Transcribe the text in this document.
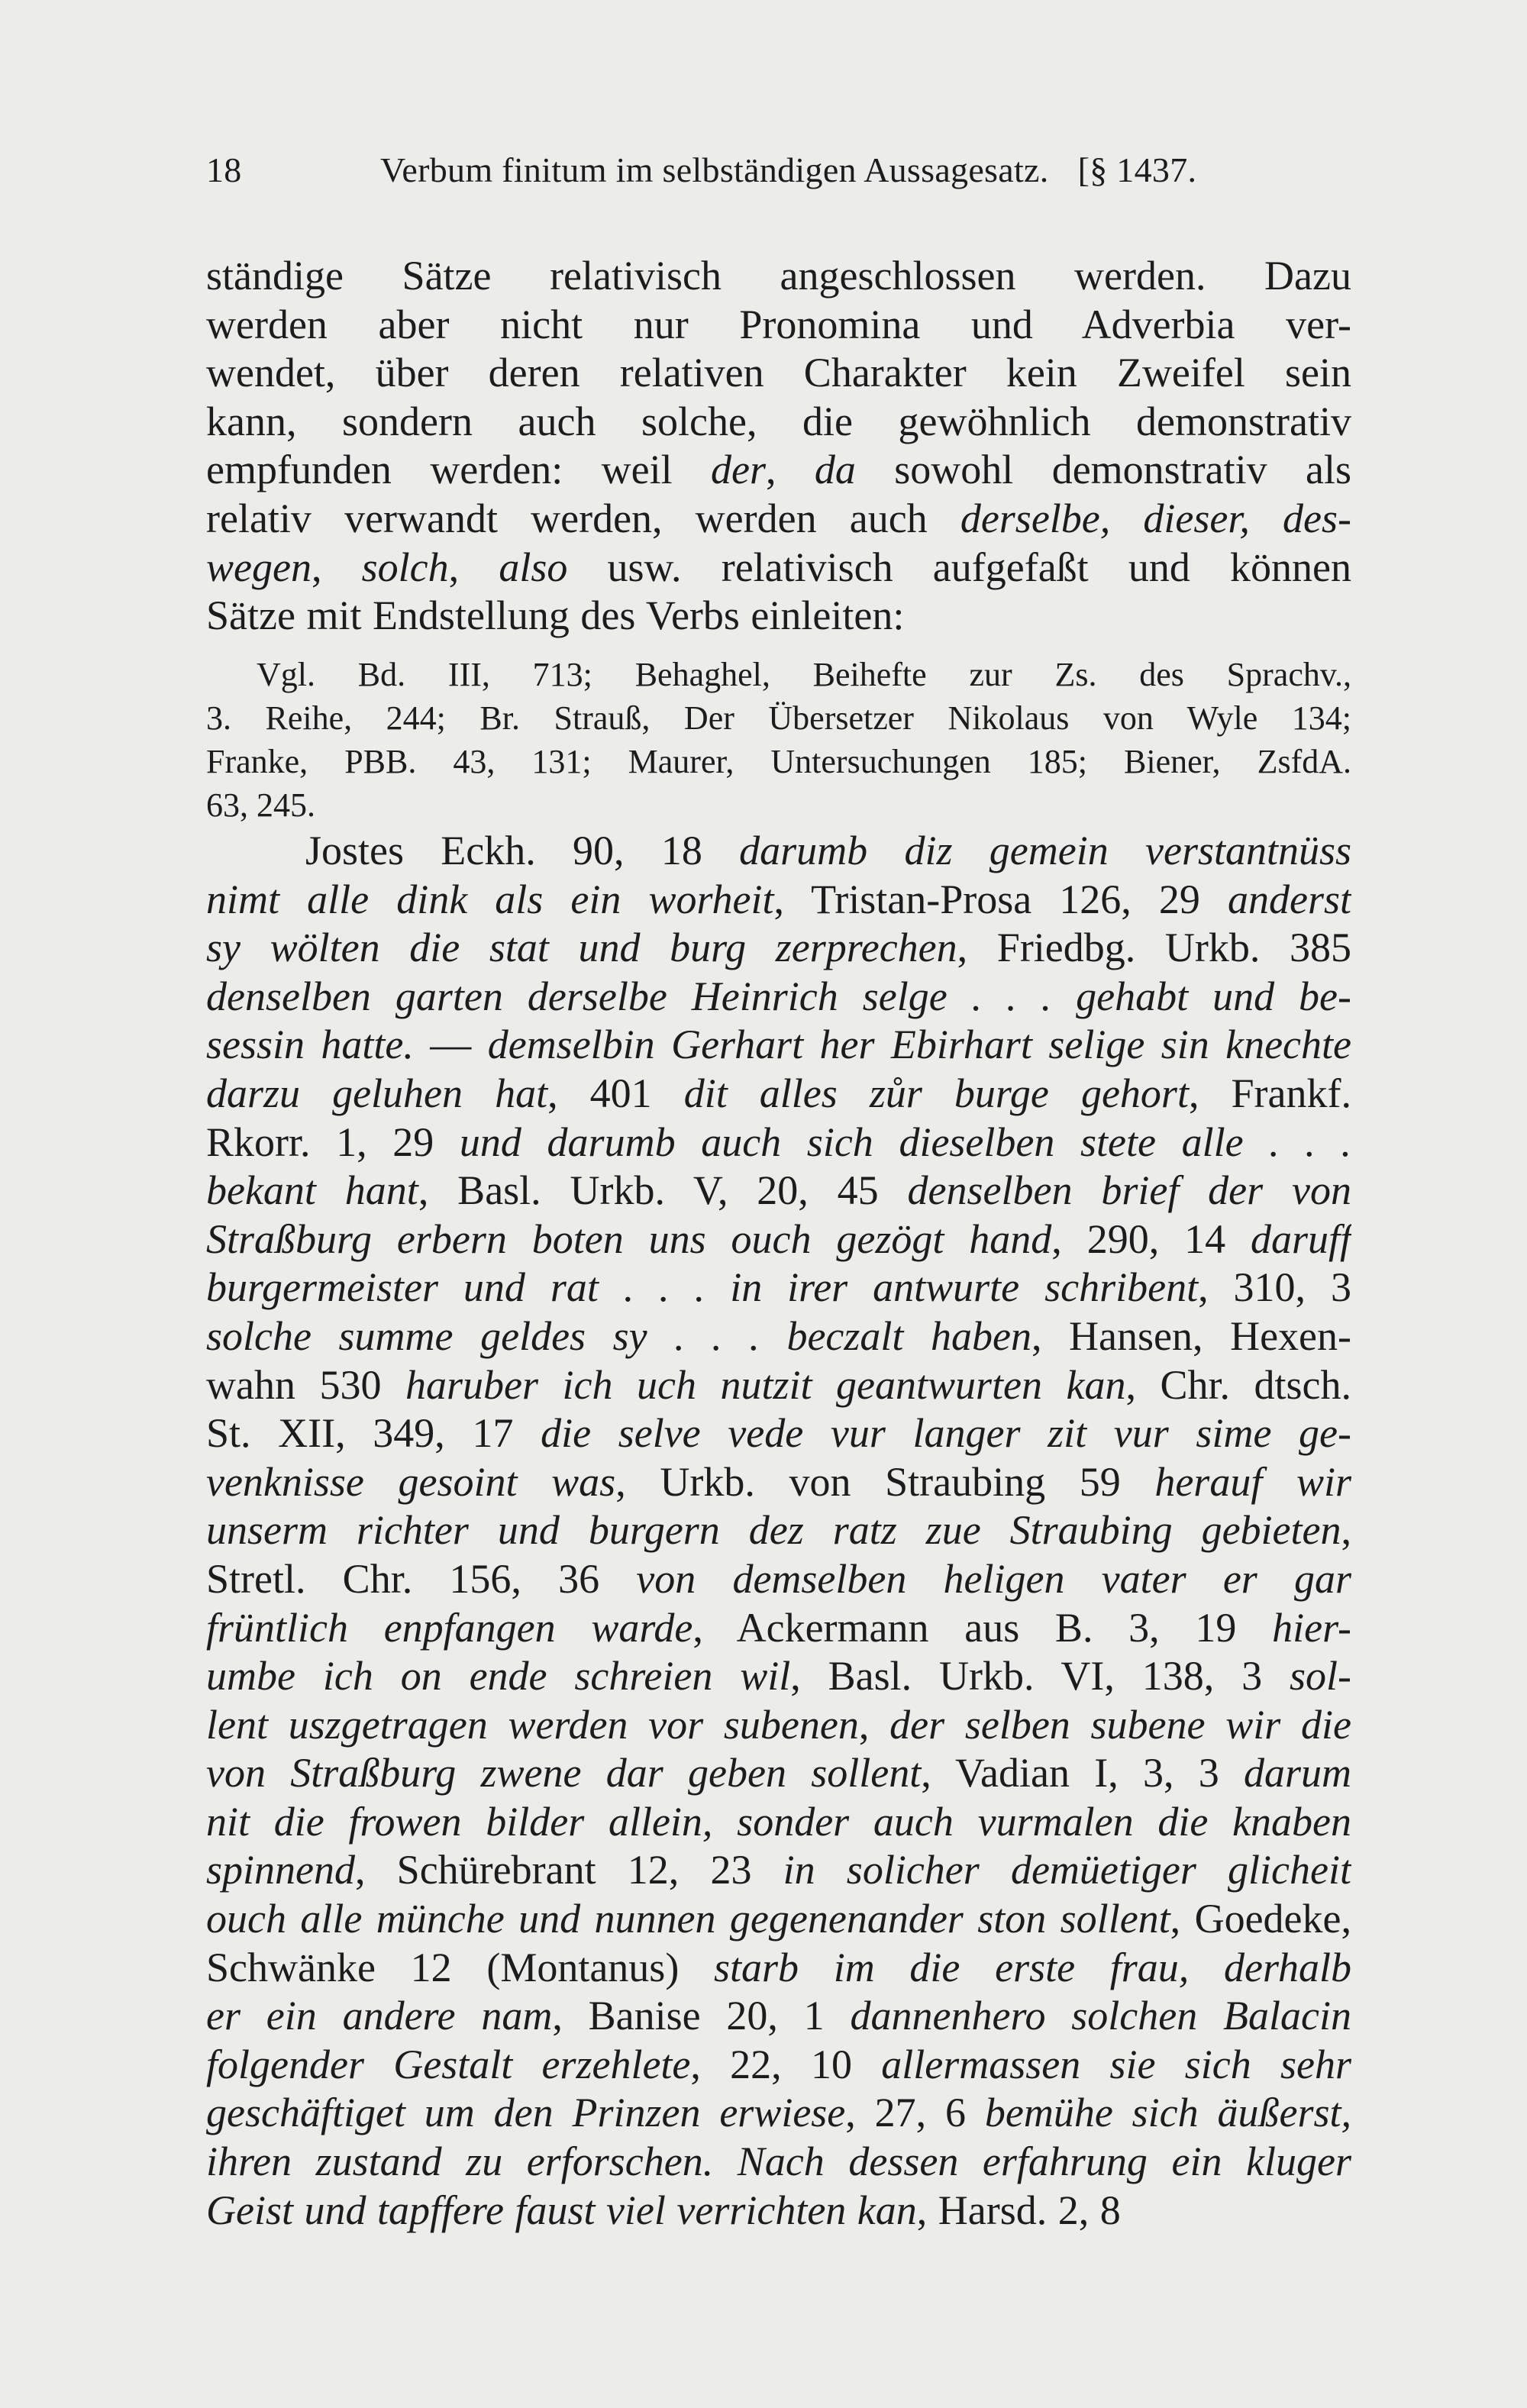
18	Verbum finitum im selbständigen Aussagesatz. [§ 1437.
ständige Sätze relativisch angeschlossen werden. Dazu
werden aber nicht nur Pronomina und Adverbia ver-
wendet, über deren relativen Charakter kein Zweifel sein
kann, sondern auch solche, die gewöhnlich demonstrativ
empfunden werden: weil der, da sowohl demonstrativ als
relativ verwandt werden, werden auch derselbe, dieser, des-
wegen, solch, also usw. relativisch aufgefaßt und können
Sätze mit Endstellung des Verbs einleiten:
Vgl. Bd. III, 713; Behaghel, Beihefte zur Zs. des Sprachv.,
3. Reihe, 244; Br. Strauß, Der Übersetzer Nikolaus von Wyle 134;
Franke, PBB. 43, 131; Maurer, Untersuchungen 185; Biener, ZsfdA.
63, 245.
Jostes Eckh. 90, 18 darumb diz gemein verstantnüss
nimt alle dink als ein worheit, Tristan-Prosa 126, 29 anderst
sy wölten die stat und burg zerprechen, Friedbg. Urkb. 385
denselben garten derselbe Heinrich selge . . . gehabt und be-
sessin hatte. — demselbin Gerhart her Ebirhart selige sin knechte
darzu geluhen hat, 401 dit alles zůr burge gehort, Frankf.
Rkorr. 1, 29 und darumb auch sich dieselben stete alle . . .
bekant hant, Basl. Urkb. V, 20, 45 denselben brief der von
Straßburg erbern boten uns ouch gezögt hand, 290, 14 daruff
burgermeister und rat . . . in irer antwurte schribent, 310, 3
solche summe geldes sy . . . beczalt haben, Hansen, Hexen-
wahn 530 haruber ich uch nutzit geantwurten kan, Chr. dtsch.
St. XII, 349, 17 die selve vede vur langer zit vur sime ge-
venknisse gesoint was, Urkb. von Straubing 59 herauf wir
unserm richter und burgern dez ratz zue Straubing gebieten,
Stretl. Chr. 156, 36 von demselben heligen vater er gar
früntlich enpfangen warde, Ackermann aus B. 3, 19 hier-
umbe ich on ende schreien wil, Basl. Urkb. VI, 138, 3 sol-
lent uszgetragen werden vor subenen, der selben subene wir die
von Straßburg zwene dar geben sollent, Vadian I, 3, 3 darum
nit die frowen bilder allein, sonder auch vurmalen die knaben
spinnend, Schürebrant 12, 23 in solicher demüetiger glicheit
ouch alle münche und nunnen gegenenander ston sollent, Goedeke,
Schwänke 12 (Montanus) starb im die erste frau, derhalb
er ein andere nam, Banise 20, 1 dannenhero solchen Balacin
folgender Gestalt erzehlete, 22, 10 allermassen sie sich sehr
geschäftiget um den Prinzen erwiese, 27, 6 bemühe sich äußerst,
ihren zustand zu erforschen. Nach dessen erfahrung ein kluger
Geist und tapffere faust viel verrichten kan, Harsd. 2, 8
